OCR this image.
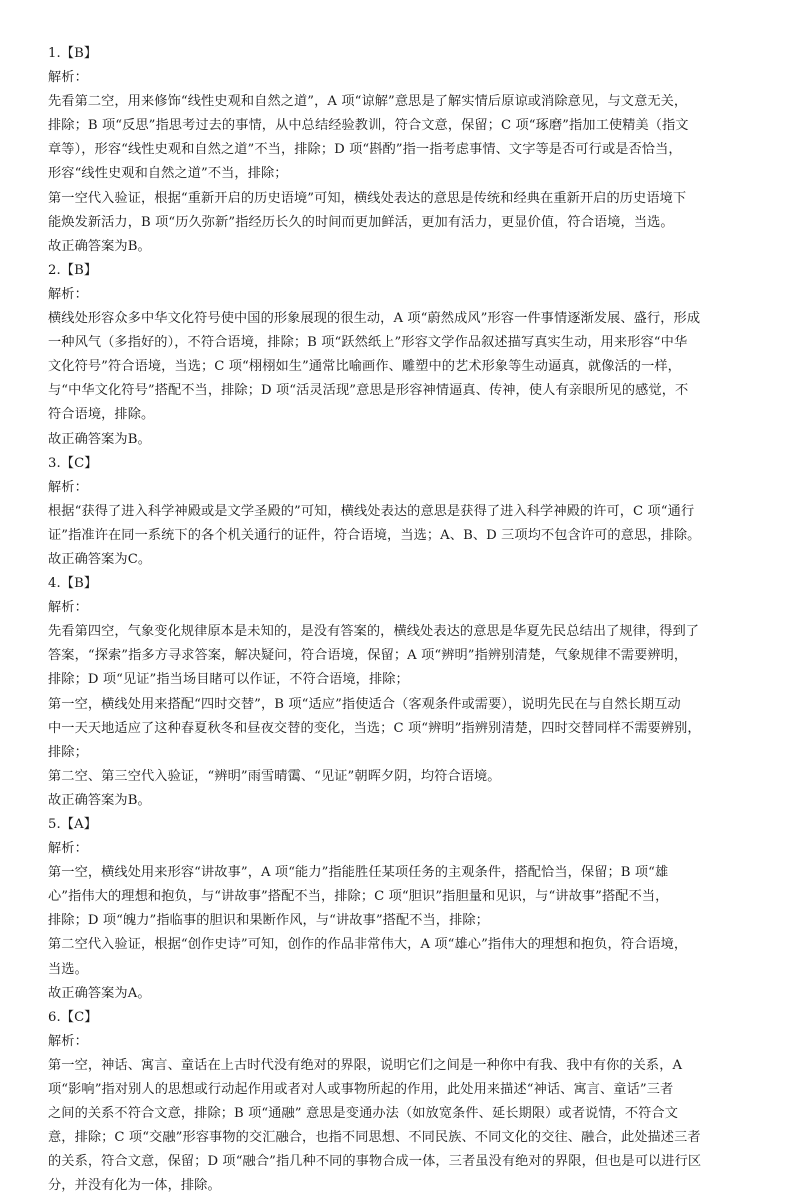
1.【B】
解析：
先看第二空，用来修饰“线性史观和自然之道”，A 项“谅解”意思是了解实情后原谅或消除意见，与文意无关，
排除；B 项“反思”指思考过去的事情，从中总结经验教训，符合文意，保留；C 项“琢磨”指加工使精美（指文
章等），形容“线性史观和自然之道”不当，排除；D 项“斟酌”指一指考虑事情、文字等是否可行或是否恰当，
形容“线性史观和自然之道”不当，排除；
第一空代入验证，根据“重新开启的历史语境”可知，横线处表达的意思是传统和经典在重新开启的历史语境下
能焕发新活力，B 项“历久弥新”指经历长久的时间而更加鲜活，更加有活力，更显价值，符合语境，当选。
故正确答案为B。
2.【B】
解析：
横线处形容众多中华文化符号使中国的形象展现的很生动，A 项“蔚然成风”形容一件事情逐渐发展、盛行，形成
一种风气（多指好的），不符合语境，排除；B 项“跃然纸上”形容文学作品叙述描写真实生动，用来形容“中华
文化符号”符合语境，当选；C 项“栩栩如生”通常比喻画作、雕塑中的艺术形象等生动逼真，就像活的一样，
与“中华文化符号”搭配不当，排除；D 项“活灵活现”意思是形容神情逼真、传神，使人有亲眼所见的感觉，不
符合语境，排除。
故正确答案为B。
3.【C】
解析：
根据“获得了进入科学神殿或是文学圣殿的”可知，横线处表达的意思是获得了进入科学神殿的许可，C 项“通行
证”指准许在同一系统下的各个机关通行的证件，符合语境，当选；A、B、D 三项均不包含许可的意思，排除。
故正确答案为C。
4.【B】
解析：
先看第四空，气象变化规律原本是未知的，是没有答案的，横线处表达的意思是华夏先民总结出了规律，得到了
答案，“探索”指多方寻求答案，解决疑问，符合语境，保留；A 项“辨明”指辨别清楚，气象规律不需要辨明，
排除；D 项“见证”指当场目睹可以作证，不符合语境，排除；
第一空，横线处用来搭配“四时交替”，B 项“适应”指使适合（客观条件或需要），说明先民在与自然长期互动
中一天天地适应了这种春夏秋冬和昼夜交替的变化，当选；C 项“辨明”指辨别清楚，四时交替同样不需要辨别，
排除；
第二空、第三空代入验证，“辨明”雨雪晴霭、“见证”朝晖夕阴，均符合语境。
故正确答案为B。
5.【A】
解析：
第一空，横线处用来形容“讲故事”，A 项“能力”指能胜任某项任务的主观条件，搭配恰当，保留；B 项“雄
心”指伟大的理想和抱负，与“讲故事”搭配不当，排除；C 项“胆识”指胆量和见识，与“讲故事”搭配不当，
排除；D 项“魄力”指临事的胆识和果断作风，与“讲故事”搭配不当，排除；
第二空代入验证，根据“创作史诗”可知，创作的作品非常伟大，A 项“雄心”指伟大的理想和抱负，符合语境，
当选。
故正确答案为A。
6.【C】
解析：
第一空，神话、寓言、童话在上古时代没有绝对的界限，说明它们之间是一种你中有我、我中有你的关系，A
项“影响”指对别人的思想或行动起作用或者对人或事物所起的作用，此处用来描述“神话、寓言、童话”三者
之间的关系不符合文意，排除；B 项“通融” 意思是变通办法（如放宽条件、延长期限）或者说情，不符合文
意，排除；C 项“交融”形容事物的交汇融合，也指不同思想、不同民族、不同文化的交往、融合，此处描述三者
的关系，符合文意，保留；D 项“融合”指几种不同的事物合成一体，三者虽没有绝对的界限，但也是可以进行区
分，并没有化为一体，排除。
